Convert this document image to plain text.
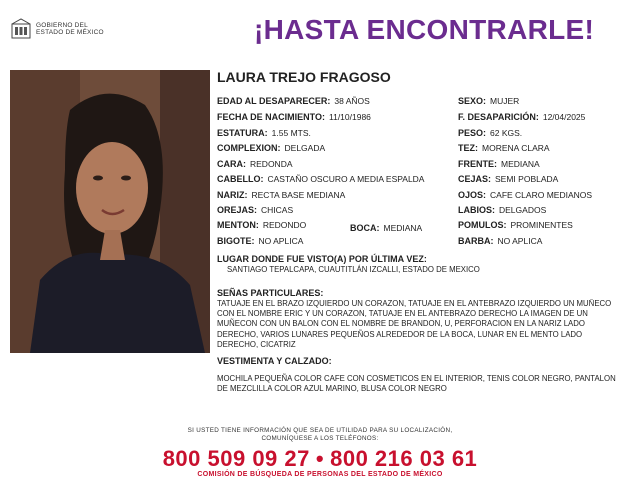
GOBIERNO DEL
ESTADO DE MÉXICO	¡HASTA ENCONTRARLE!
LAURA TREJO FRAGOSO
EDAD AL DESAPARECER: 38 AÑOS
FECHA DE NACIMIENTO: 11/10/1986
ESTATURA: 1.55 MTS.
COMPLEXION: DELGADA
CARA: REDONDA
CABELLO: CASTAÑO OSCURO A MEDIA ESPALDA
NARIZ: RECTA BASE MEDIANA
OREJAS: CHICAS
MENTON: REDONDO
BIGOTE: NO APLICA
BOCA: MEDIANA
SEXO: MUJER
F. DESAPARICIÓN: 12/04/2025
PESO: 62 KGS.
TEZ: MORENA CLARA
FRENTE: MEDIANA
CEJAS: SEMI POBLADA
OJOS: CAFE CLARO MEDIANOS
LABIOS: DELGADOS
POMULOS: PROMINENTES
BARBA: NO APLICA
LUGAR DONDE FUE VISTO(A) POR ÚLTIMA VEZ:
SANTIAGO TEPALCAPA, CUAUTITLÁN IZCALLI, ESTADO DE MEXICO
SEÑAS PARTICULARES:
TATUAJE EN EL BRAZO IZQUIERDO UN CORAZON, TATUAJE EN EL ANTEBRAZO IZQUIERDO UN MUÑECO CON EL NOMBRE ERIC Y UN CORAZON, TATUAJE EN EL ANTEBRAZO DERECHO LA IMAGEN DE UN MUÑECON CON UN BALON CON EL NOMBRE DE BRANDON, U, PERFORACION EN LA NARIZ LADO DERECHO, VARIOS LUNARES PEQUEÑOS ALREDEDOR DE LA BOCA, LUNAR EN EL MENTO LADO DERECHO, CICATRIZ
VESTIMENTA Y CALZADO:
MOCHILA PEQUEÑA COLOR CAFE CON COSMETICOS EN EL INTERIOR, TENIS COLOR NEGRO, PANTALON DE MEZCLILLA COLOR AZUL MARINO, BLUSA COLOR NEGRO
SI USTED TIENE INFORMACIÓN QUE SEA DE UTILIDAD PARA SU LOCALIZACIÓN,
COMUNÍQUESE A LOS TELÉFONOS:
800 509 09 27 • 800 216 03 61
COMISIÓN DE BÚSQUEDA DE PERSONAS DEL ESTADO DE MÉXICO
